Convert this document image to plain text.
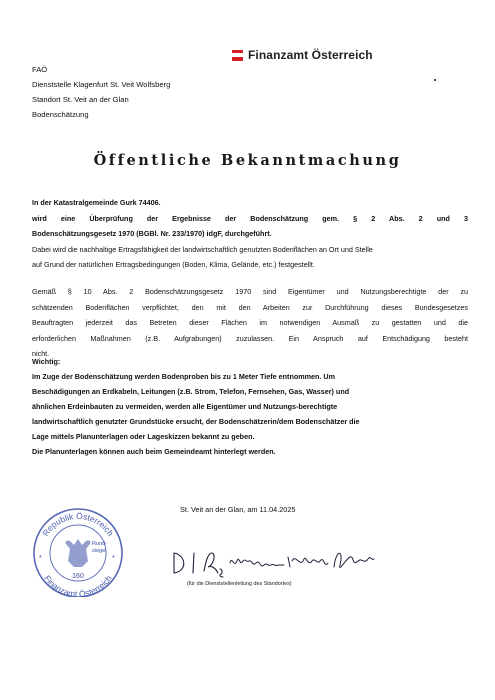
Finanzamt Österreich
FAÖ
Dienststelle Klagenfurt St. Veit Wolfsberg
Standort St. Veit an der Glan
Bodenschätzung
Öffentliche Bekanntmachung
In der Katastralgemeinde Gurk 74406.
wird eine Überprüfung der Ergebnisse der Bodenschätzung gem. § 2 Abs. 2 und 3
Bodenschätzungsgesetz 1970 (BGBl. Nr. 233/1970) idgF, durchgeführt.
Dabei wird die nachhaltige Ertragsfähigkeit der landwirtschaftlich genutzten Bodenflächen an Ort und Stelle
auf Grund der natürlichen Ertragsbedingungen (Boden, Klima, Gelände, etc.) festgestellt.
Gemäß § 10 Abs. 2 Bodenschätzungsgesetz 1970 sind Eigentümer und Nutzungsberechtigte der zu
schätzenden Bodenflächen verpflichtet, den mit den Arbeiten zur Durchführung dieses Bundesgesetzes
Beauftragten jederzeit das Betreten dieser Flächen im notwendigen Ausmaß zu gestatten und die
erforderlichen Maßnahmen (z.B. Aufgrabungen) zuzulassen. Ein Anspruch auf Entschädigung besteht
nicht.
Wichtig:
Im Zuge der Bodenschätzung werden Bodenproben bis zu 1 Meter Tiefe entnommen. Um
Beschädigungen an Erdkabeln, Leitungen (z.B. Strom, Telefon, Fernsehen, Gas, Wasser) und
ähnlichen Erdeinbauten zu vermeiden, werden alle Eigentümer und Nutzungs-berechtigte
landwirtschaftlich genutzter Grundstücke ersucht, der Bodenschätzerin/dem Bodenschätzer die
Lage mittels Planunterlagen oder Lageskizzen bekannt zu geben.
Die Planunterlagen können auch beim Gemeindeamt hinterlegt werden.
St. Veit an der Glan, am 11.04.2025
(für die Dienststellenleitung des Standortes)
Republik Österreich
Finanzamt Österreich
Rund-
siegel
160
*	*
